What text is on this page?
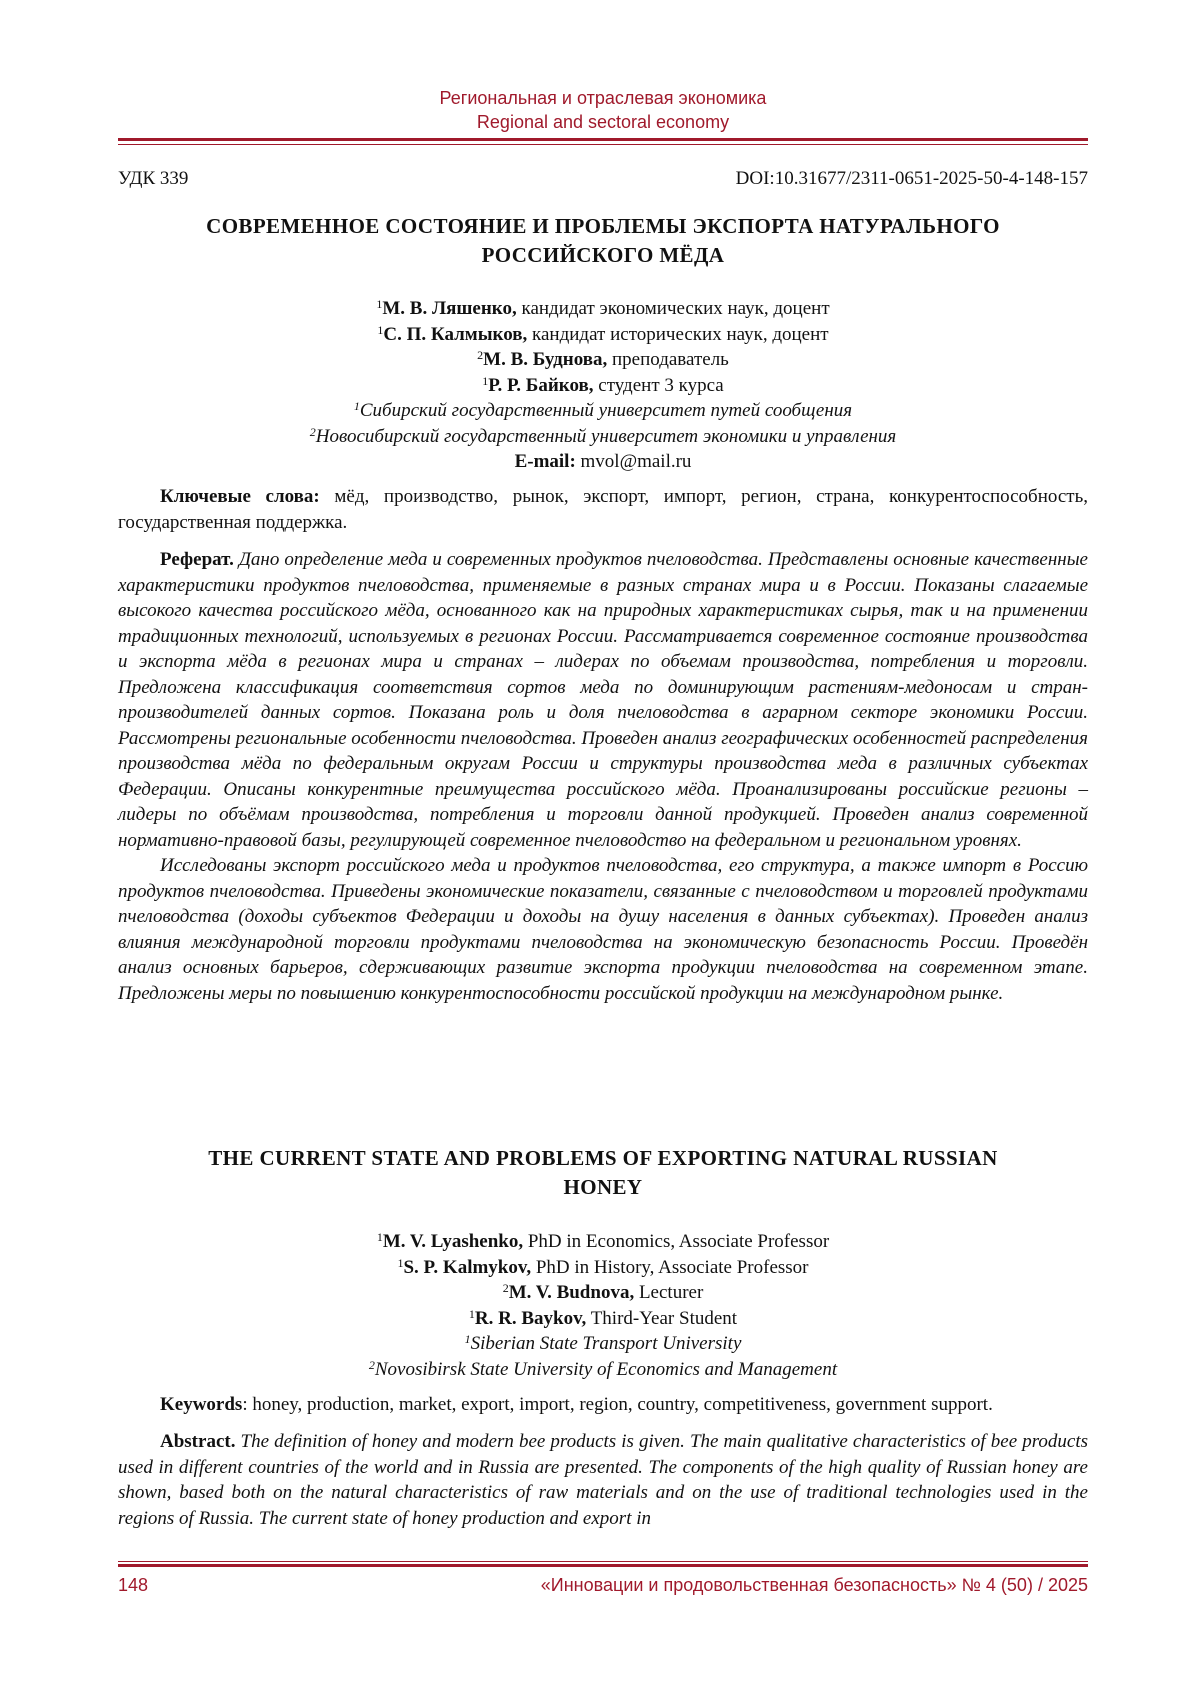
Региональная и отраслевая экономика
Regional and sectoral economy
УДК 339	DOI:10.31677/2311-0651-2025-50-4-148-157
СОВРЕМЕННОЕ СОСТОЯНИЕ И ПРОБЛЕМЫ ЭКСПОРТА НАТУРАЛЬНОГО
РОССИЙСКОГО МЁДА
$^1$М. В. Ляшенко, кандидат экономических наук, доцент
$^1$С. П. Калмыков, кандидат исторических наук, доцент
$^2$М. В. Буднова, преподаватель
$^1$Р. Р. Байков, студент 3 курса
$^1$Сибирский государственный университет путей сообщения
$^2$Новосибирский государственный университет экономики и управления
E-mail: mvol@mail.ru

Ключевые слова: мёд, производство, рынок, экспорт, импорт, регион, страна, конкурентоспособность, государственная поддержка.

Реферат. Дано определение меда и современных продуктов пчеловодства. Представлены основные качественные характеристики продуктов пчеловодства, применяемые в разных странах мира и в России. Показаны слагаемые высокого качества российского мёда, основанного как на природных характеристиках сырья, так и на применении традиционных технологий, используемых в регионах России. Рассматривается современное состояние производства и экспорта мёда в регионах мира и странах – лидерах по объемам производства, потребления и торговли. Предложена классификация соответствия сортов меда по доминирующим растениям-медоносам и стран-производителей данных сортов. Показана роль и доля пчеловодства в аграрном секторе экономики России. Рассмотрены региональные особенности пчеловодства. Проведен анализ географических особенностей распределения производства мёда по федеральным округам России и структуры производства меда в различных субъектах Федерации. Описаны конкурентные преимущества российского мёда. Проанализированы российские регионы – лидеры по объёмам производства, потребления и торговли данной продукцией. Проведен анализ современной нормативно-правовой базы, регулирующей современное пчеловодство на федеральном и региональном уровнях.

Исследованы экспорт российского меда и продуктов пчеловодства, его структура, а также импорт в Россию продуктов пчеловодства. Приведены экономические показатели, связанные с пчеловодством и торговлей продуктами пчеловодства (доходы субъектов Федерации и доходы на душу населения в данных субъектах). Проведен анализ влияния международной торговли продуктами пчеловодства на экономическую безопасность России. Проведён анализ основных барьеров, сдерживающих развитие экспорта продукции пчеловодства на современном этапе. Предложены меры по повышению конкурентоспособности российской продукции на международном рынке.

THE CURRENT STATE AND PROBLEMS OF EXPORTING NATURAL RUSSIAN
HONEY
$^1$M. V. Lyashenko, PhD in Economics, Associate Professor
$^1$S. P. Kalmykov, PhD in History, Associate Professor
$^2$M. V. Budnova, Lecturer
$^1$R. R. Baykov, Third-Year Student
$^1$Siberian State Transport University
$^2$Novosibirsk State University of Economics and Management

Keywords: honey, production, market, export, import, region, country, competitiveness, government support.

Abstract. The definition of honey and modern bee products is given. The main qualitative characteristics of bee products used in different countries of the world and in Russia are presented. The components of the high quality of Russian honey are shown, based both on the natural characteristics of raw materials and on the use of traditional technologies used in the regions of Russia. The current state of honey production and export in

148	«Инновации и продовольственная безопасность» № 4 (50) / 2025
